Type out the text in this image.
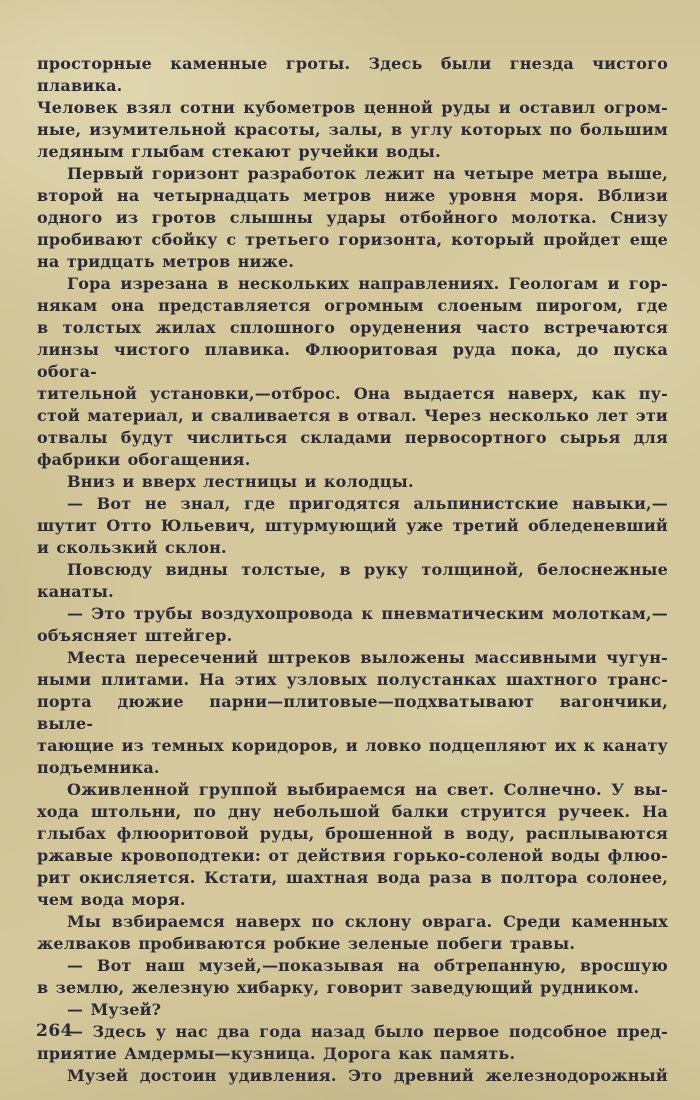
просторные каменные гроты. Здесь были гнезда чистого плавика.
Человек взял сотни кубометров ценной руды и оставил огром-
ные, изумительной красоты, залы, в углу которых по большим
ледяным глыбам стекают ручейки воды.
Первый горизонт разработок лежит на четыре метра выше,
второй на четырнадцать метров ниже уровня моря. Вблизи
одного из гротов слышны удары отбойного молотка. Снизу
пробивают сбойку с третьего горизонта, который пройдет еще
на тридцать метров ниже.
Гора изрезана в нескольких направлениях. Геологам и гор-
някам она представляется огромным слоеным пирогом, где
в толстых жилах сплошного оруденения часто встречаются
линзы чистого плавика. Флюоритовая руда пока, до пуска обога-
тительной установки,—отброс. Она выдается наверх, как пу-
стой материал, и сваливается в отвал. Через несколько лет эти
отвалы будут числиться складами первосортного сырья для
фабрики обогащения.
Вниз и вверх лестницы и колодцы.
— Вот не знал, где пригодятся альпинистские навыки,—
шутит Отто Юльевич, штурмующий уже третий обледеневший
и скользкий склон.
Повсюду видны толстые, в руку толщиной, белоснежные
канаты.
— Это трубы воздухопровода к пневматическим молоткам,—
объясняет штейгер.
Места пересечений штреков выложены массивными чугун-
ными плитами. На этих узловых полустанках шахтного транс-
порта дюжие парни—плитовые—подхватывают вагончики, выле-
тающие из темных коридоров, и ловко подцепляют их к канату
подъемника.
Оживленной группой выбираемся на свет. Солнечно. У вы-
хода штольни, по дну небольшой балки струится ручеек. На
глыбах флюоритовой руды, брошенной в воду, расплываются
ржавые кровоподтеки: от действия горько-соленой воды флюо-
рит окисляется. Кстати, шахтная вода раза в полтора солонее,
чем вода моря.
Мы взбираемся наверх по склону оврага. Среди каменных
желваков пробиваются робкие зеленые побеги травы.
— Вот наш музей,—показывая на обтрепанную, вросшую
в землю, железную хибарку, говорит заведующий рудником.
— Музей?
— Здесь у нас два года назад было первое подсобное пред-
приятие Амдермы—кузница. Дорога как память.
Музей достоин удивления. Это древний железнодорожный
264
